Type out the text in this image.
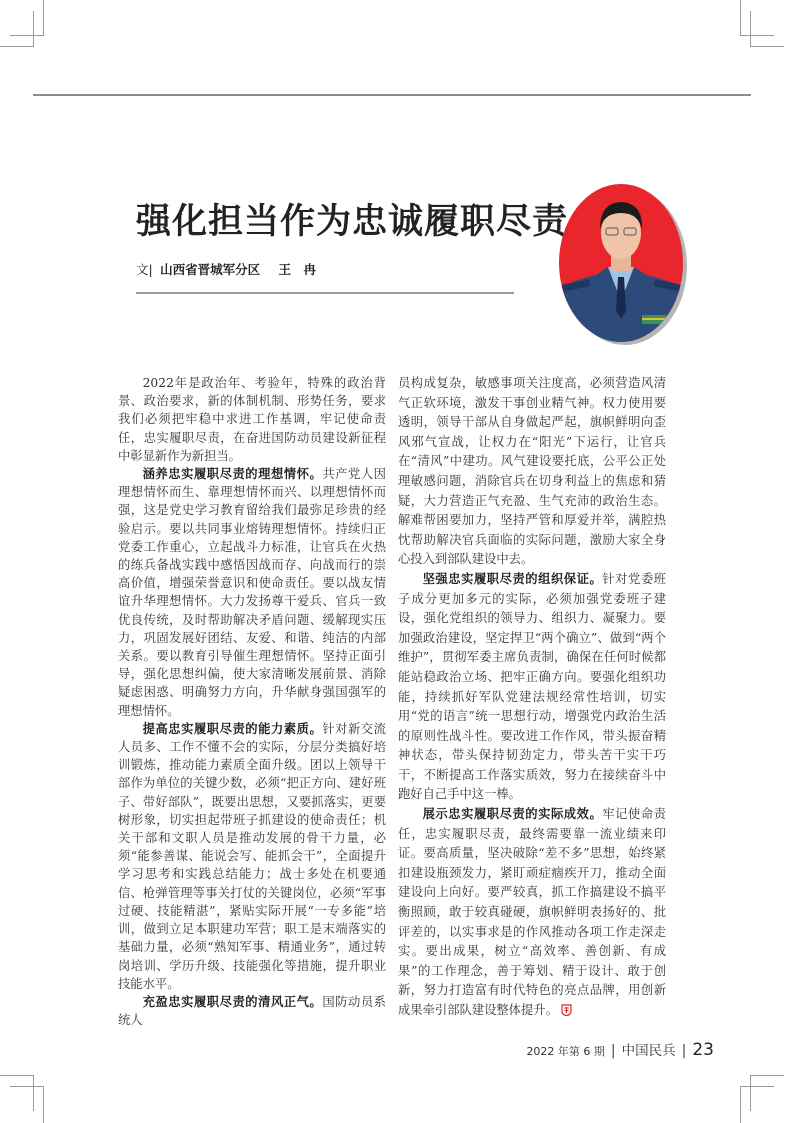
强化担当作为忠诚履职尽责
文| 山西省晋城军分区 王　冉

2022年是政治年、考验年，特殊的政治背景、政治要求，新的体制机制、形势任务，要求我们必须把牢稳中求进工作基调，牢记使命责任，忠实履职尽责，在奋进国防动员建设新征程中彰显新作为新担当。

涵养忠实履职尽责的理想情怀。共产党人因理想情怀而生、靠理想情怀而兴、以理想情怀而强，这是党史学习教育留给我们最弥足珍贵的经验启示。要以共同事业熔铸理想情怀。持续归正党委工作重心，立起战斗力标准，让官兵在火热的练兵备战实践中感悟因战而存、向战而行的崇高价值，增强荣誉意识和使命责任。要以战友情谊升华理想情怀。大力发扬尊干爱兵、官兵一致优良传统，及时帮助解决矛盾问题、缓解现实压力，巩固发展好团结、友爱、和谐、纯洁的内部关系。要以教育引导催生理想情怀。坚持正面引导，强化思想纠偏，使大家清晰发展前景、消除疑虑困惑、明确努力方向，升华献身强国强军的理想情怀。

提高忠实履职尽责的能力素质。针对新交流人员多、工作不懂不会的实际，分层分类搞好培训锻炼，推动能力素质全面升级。团以上领导干部作为单位的关键少数，必须“把正方向、建好班子、带好部队”，既要出思想，又要抓落实，更要树形象，切实担起带班子抓建设的使命责任；机关干部和文职人员是推动发展的骨干力量，必须“能参善谋、能说会写、能抓会干”，全面提升学习思考和实践总结能力；战士多处在机要通信、枪弹管理等事关打仗的关键岗位，必须“军事过硬、技能精湛”，紧贴实际开展“一专多能”培训，做到立足本职建功军营；职工是末端落实的基础力量，必须“熟知军事、精通业务”，通过转岗培训、学历升级、技能强化等措施，提升职业技能水平。

充盈忠实履职尽责的清风正气。国防动员系统人

员构成复杂，敏感事项关注度高，必须营造风清气正软环境，激发干事创业精气神。权力使用要透明，领导干部从自身做起严起，旗帜鲜明向歪风邪气宣战，让权力在“阳光”下运行，让官兵在“清风”中建功。风气建设要托底，公平公正处理敏感问题，消除官兵在切身利益上的焦虑和猜疑，大力营造正气充盈、生气充沛的政治生态。解难帮困要加力，坚持严管和厚爱并举，满腔热忱帮助解决官兵面临的实际问题，激励大家全身心投入到部队建设中去。

坚强忠实履职尽责的组织保证。针对党委班子成分更加多元的实际，必须加强党委班子建设，强化党组织的领导力、组织力、凝聚力。要加强政治建设，坚定捍卫“两个确立”、做到“两个维护”，贯彻军委主席负责制，确保在任何时候都能站稳政治立场、把牢正确方向。要强化组织功能，持续抓好军队党建法规经常性培训，切实用“党的语言”统一思想行动，增强党内政治生活的原则性战斗性。要改进工作作风，带头振奋精神状态，带头保持韧劲定力，带头苦干实干巧干，不断提高工作落实质效，努力在接续奋斗中跑好自己手中这一棒。

展示忠实履职尽责的实际成效。牢记使命责任，忠实履职尽责，最终需要靠一流业绩来印证。要高质量，坚决破除“差不多”思想，始终紧扣建设瓶颈发力，紧盯顽症痼疾开刀，推动全面建设向上向好。要严较真，抓工作搞建设不搞平衡照顾，敢于较真碰硬，旗帜鲜明表扬好的、批评差的，以实事求是的作风推动各项工作走深走实。要出成果，树立“高效率、善创新、有成果”的工作理念，善于筹划、精于设计、敢于创新，努力打造富有时代特色的亮点品牌，用创新成果牵引部队建设整体提升。

2022 年第 6 期 | 中国民兵 | 23
